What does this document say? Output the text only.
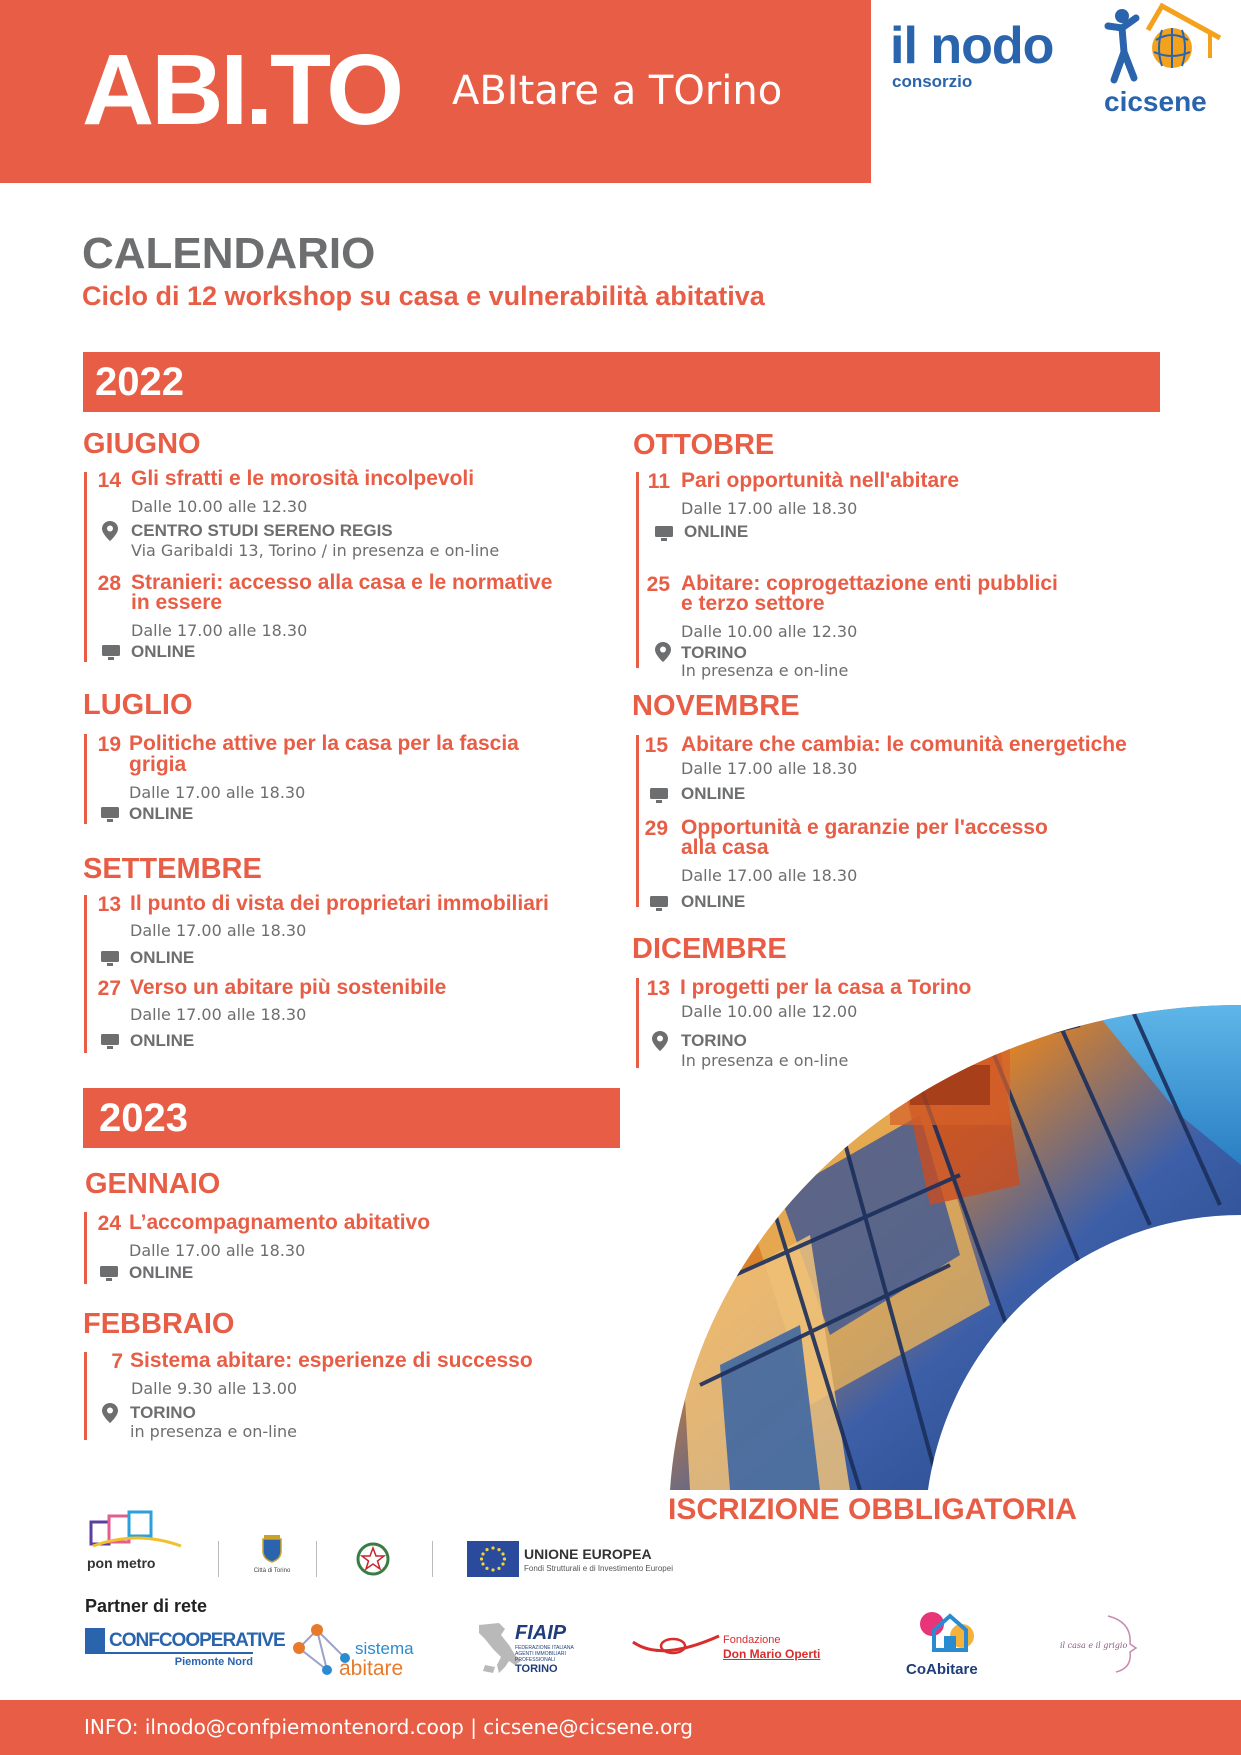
ABI.TO ABItare a TOrino
il nodo
consorzio
cicsene
CALENDARIO
Ciclo di 12 workshop su casa e vulnerabilità abitativa
2022
GIUGNO
14 Gli sfratti e le morosità incolpevoli
Dalle 10.00 alle 12.30
CENTRO STUDI SERENO REGIS
Via Garibaldi 13, Torino / in presenza e on-line
28 Stranieri: accesso alla casa e le normative
in essere
Dalle 17.00 alle 18.30
ONLINE
LUGLIO
19 Politiche attive per la casa per la fascia
grigia
Dalle 17.00 alle 18.30
ONLINE
SETTEMBRE
13 Il punto di vista dei proprietari immobiliari
Dalle 17.00 alle 18.30
ONLINE
27 Verso un abitare più sostenibile
Dalle 17.00 alle 18.30
ONLINE
OTTOBRE
11 Pari opportunità nell'abitare
Dalle 17.00 alle 18.30
ONLINE
25 Abitare: coprogettazione enti pubblici
e terzo settore
Dalle 10.00 alle 12.30
TORINO
In presenza e on-line
NOVEMBRE
15 Abitare che cambia: le comunità energetiche
Dalle 17.00 alle 18.30
ONLINE
29 Opportunità e garanzie per l'accesso
alla casa
Dalle 17.00 alle 18.30
ONLINE
DICEMBRE
13 I progetti per la casa a Torino
Dalle 10.00 alle 12.00
TORINO
In presenza e on-line
2023
GENNAIO
24 L’accompagnamento abitativo
Dalle 17.00 alle 18.30
ONLINE
FEBBRAIO
7 Sistema abitare: esperienze di successo
Dalle 9.30 alle 13.00
TORINO
in presenza e on-line
ISCRIZIONE OBBLIGATORIA
pon metro	Città di Torino
UNIONE EUROPEA
Fondi Strutturali e di Investimento Europei
Partner di rete
CONFCOOPERATIVE
Piemonte Nord
sistema
abitare
FIAIP
FEDERAZIONE ITALIANA AGENTI IMMOBILIARI PROFESSIONALI
TORINO
Fondazione
Don Mario Operti
CoAbitare
il casa e il grigio
INFO: ilnodo@confpiemontenord.coop | cicsene@cicsene.org
